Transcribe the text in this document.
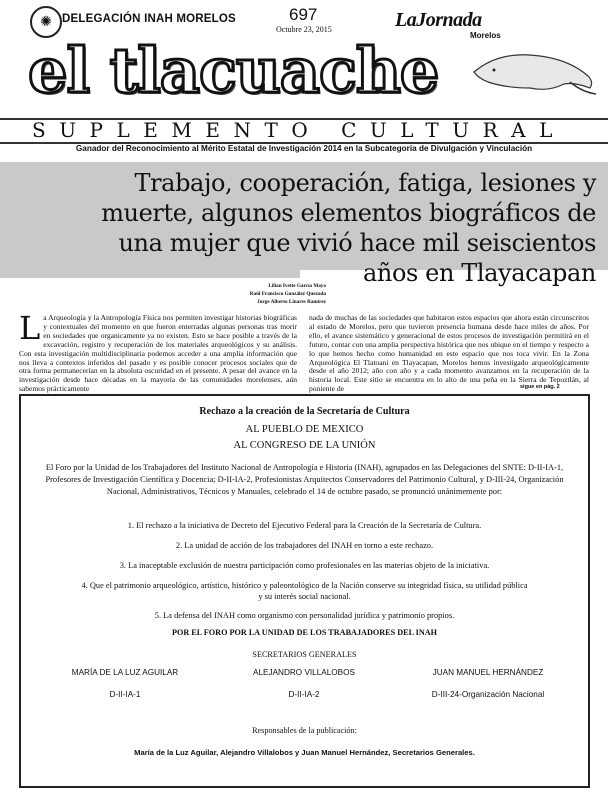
✺ DELEGACIÓN INAH MORELOS	697
Octubre 23, 2015	LaJornada
Morelos
el tlacuache
SUPLEMENTO CULTURAL
Ganador del Reconocimiento al Mérito Estatal de Investigación 2014 en la Subcategoría de Divulgación y Vinculación
Trabajo, cooperación, fatiga, lesiones y
muerte, algunos elementos biográficos de
una mujer que vivió hace mil seiscientos
años en Tlayacapan
Lilian Ivette García Maya
Raúl Francisco González Quezada
Jorge Alberto Linares Ramírez

La Arqueología y la Antropología Física nos permiten investigar historias biográficas y contextuales del momento en que fueron enterradas algunas personas tras morir en sociedades que organicamente ya no existen. Esto se hace posible a través de la excavación, registro y recuperación de los materiales arqueológicos y su análisis. Con esta investigación multidisciplinaria podemos acceder a una amplia información que nos lleva a contextos inferidos del pasado y es posible conocer procesos sociales que de otra forma permanecerían en la absoluta oscuridad en el presente. A pesar del avance en la investigación desde hace décadas en la mayoría de las comunidades morelenses, aún sabemos prácticamente

nada de muchas de las sociedades que habitaron estos espacios que ahora están circunscritos al estado de Morelos, pero que tuvieron presencia humana desde hace miles de años. Por ello, el avance sistemático y generacional de estos procesos de investigación permitirá en el futuro, contar con una amplia perspectiva histórica que nos ubique en el tiempo y respecto a lo que hemos hecho como humanidad en este espacio que nos toca vivir. En la Zona Arqueológica El Tlatoani en Tlayacapan, Morelos hemos investigado arqueológicamente desde el año 2012; año con año y a cada momento avanzamos en la recuperación de la historia local. Este sitio se encuentra en lo alto de una peña en la Sierra de Tepoztlán, al poniente de	sigue en pág. 2
Rechazo a la creación de la Secretaría de Cultura
AL PUEBLO DE MEXICO
AL CONGRESO DE LA UNIÓN
El Foro por la Unidad de los Trabajadores del Instituto Nacional de Antropología e Historia (INAH), agrupados en las Delegaciones del SNTE: D-II-IA-1, Profesores de Investigación Científica y Docencia; D-II-IA-2, Profesionistas Arquitectos Conservadores del Patrimonio Cultural, y D-III-24, Organización Nacional, Administrativos, Técnicos y Manuales, celebrado el 14 de octubre pasado, se pronunció unánimemente por:
1. El rechazo a la iniciativa de Decreto del Ejecutivo Federal para la Creación de la Secretaría de Cultura.
2. La unidad de acción de los trabajadores del INAH en torno a este rechazo.
3. La inaceptable exclusión de nuestra participación como profesionales en las materias objeto de la iniciativa.
4. Que el patrimonio arqueológico, artístico, histórico y paleontológico de la Nación conserve su integridad física, su utilidad pública y su interés social nacional.
5. La defensa del INAH como organismo con personalidad jurídica y patrimonio propios.
POR EL FORO POR LA UNIDAD DE LOS TRABAJADORES DEL INAH
SECRETARIOS GENERALES
MARÍA DE LA LUZ AGUILAR
D-II-IA-1
ALEJANDRO VILLALOBOS
D-II-IA-2
JUAN MANUEL HERNÁNDEZ
D-III-24-Organización Nacional
Responsables de la publicación:
María de la Luz Aguilar, Alejandro Villalobos y Juan Manuel Hernández, Secretarios Generales.
